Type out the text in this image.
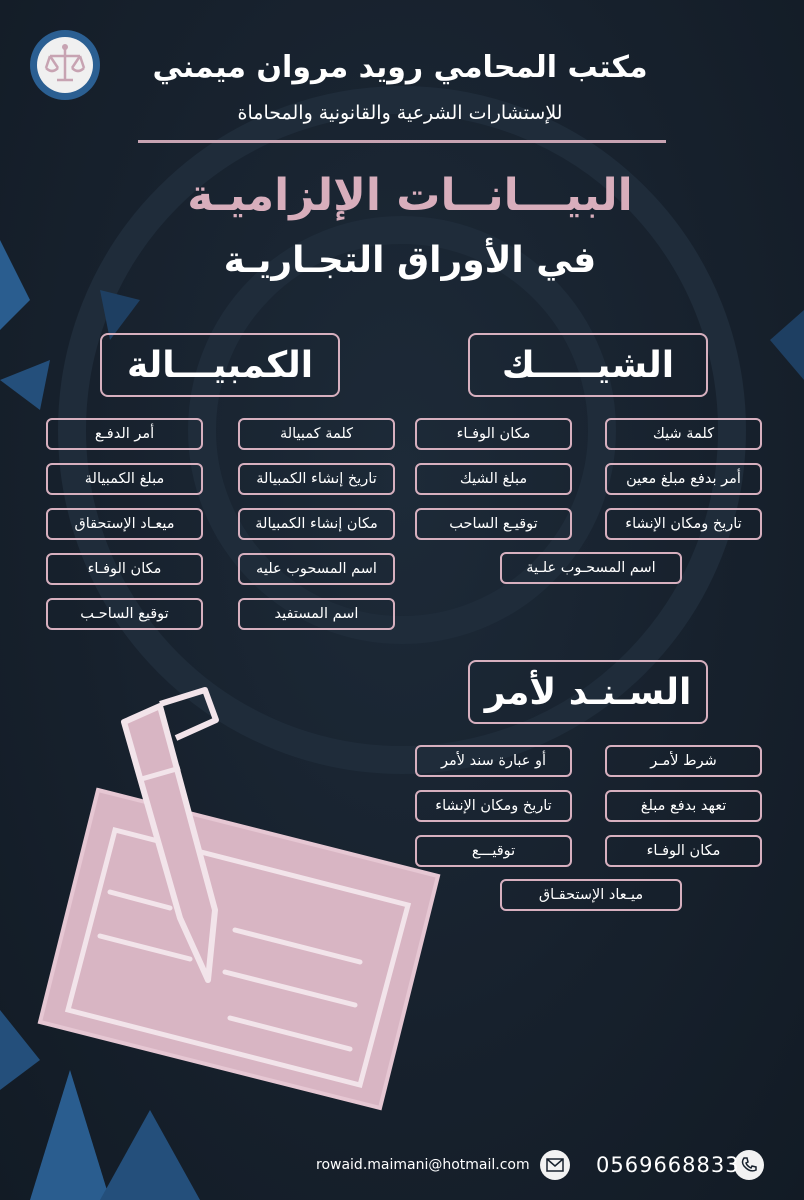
مكتب المحامي رويد مروان ميمني
للإستشارات الشرعية والقانونية والمحاماة
البيـــانــات الإلزاميـة
في الأوراق التجـاريـة
الشيـــــك
الكمبيـــالة
السـنـد لأمر
كلمة شيك
مكان الوفـاء
أمر بدفع مبلغ معين
مبلغ الشيك
تاريخ ومكان الإنشاء
توقيـع الساحب
اسم المسحـوب علـية
كلمة كمبيالة
أمر الدفـع
تاريخ إنشاء الكمبيالة
مبلغ الكمبيالة
مكان إنشاء الكمبيالة
ميعـاد الإستحقاق
اسم المسحوب عليه
مكان الوفـاء
اسم المستفيد
توقيع الساحـب
شرط لأمـر
أو عبارة سند لأمر
تعهد بدفع مبلغ
تاريخ ومكان الإنشاء
مكان الوفـاء
توقيـــع
ميـعاد الإستحقـاق
0569668833
rowaid.maimani@hotmail.com
